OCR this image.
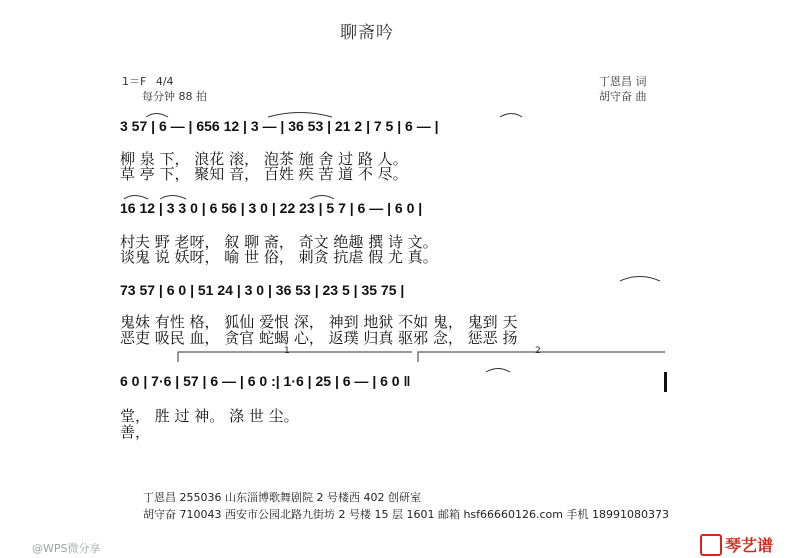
聊斋吟
1＝F 4/4
每分钟 88 拍
丁恩昌 词
胡守奋 曲
3 57 | 6 — | 656 12 | 3 — | 36 53 | 21 2 | 7 5 | 6 — |
柳 泉 下， 浪花 滚， 泡茶 施 舍 过 路 人。
草 亭 下， 聚知 音， 百姓 疾 苦 道 不 尽。
16 12 | 3 3 0 | 6 56 | 3 0 | 22 23 | 5 7 | 6 — | 6 0 |
村夫 野 老呀， 叙 聊 斋， 奇文 绝趣 撰 诗 文。
谈鬼 说 妖呀， 喻 世 俗， 刺贪 抗虐 假 尤 真。
73 57 | 6 0 | 51 24 | 3 0 | 36 53 | 23 5 | 35 75 |
鬼妹 有性 格， 狐仙 爱恨 深， 神到 地狱 不如 鬼， 鬼到 天
恶吏 吸民 血， 贪官 蛇蝎 心， 返璞 归真 驱邪 念， 惩恶 扬
1	2
6 0 | 7·6 | 57 | 6 — | 6 0 :| 1·6 | 25 | 6 — | 6 0 ‖
堂， 胜 过 神。 涤 世 尘。
善，
丁恩昌 255036 山东淄博歌舞剧院 2 号楼西 402 创研室
胡守奋 710043 西安市公园北路九街坊 2 号楼 15 层 1601 邮箱 hsf66660126.com 手机 18991080373
@WPS微分享	琴艺谱
